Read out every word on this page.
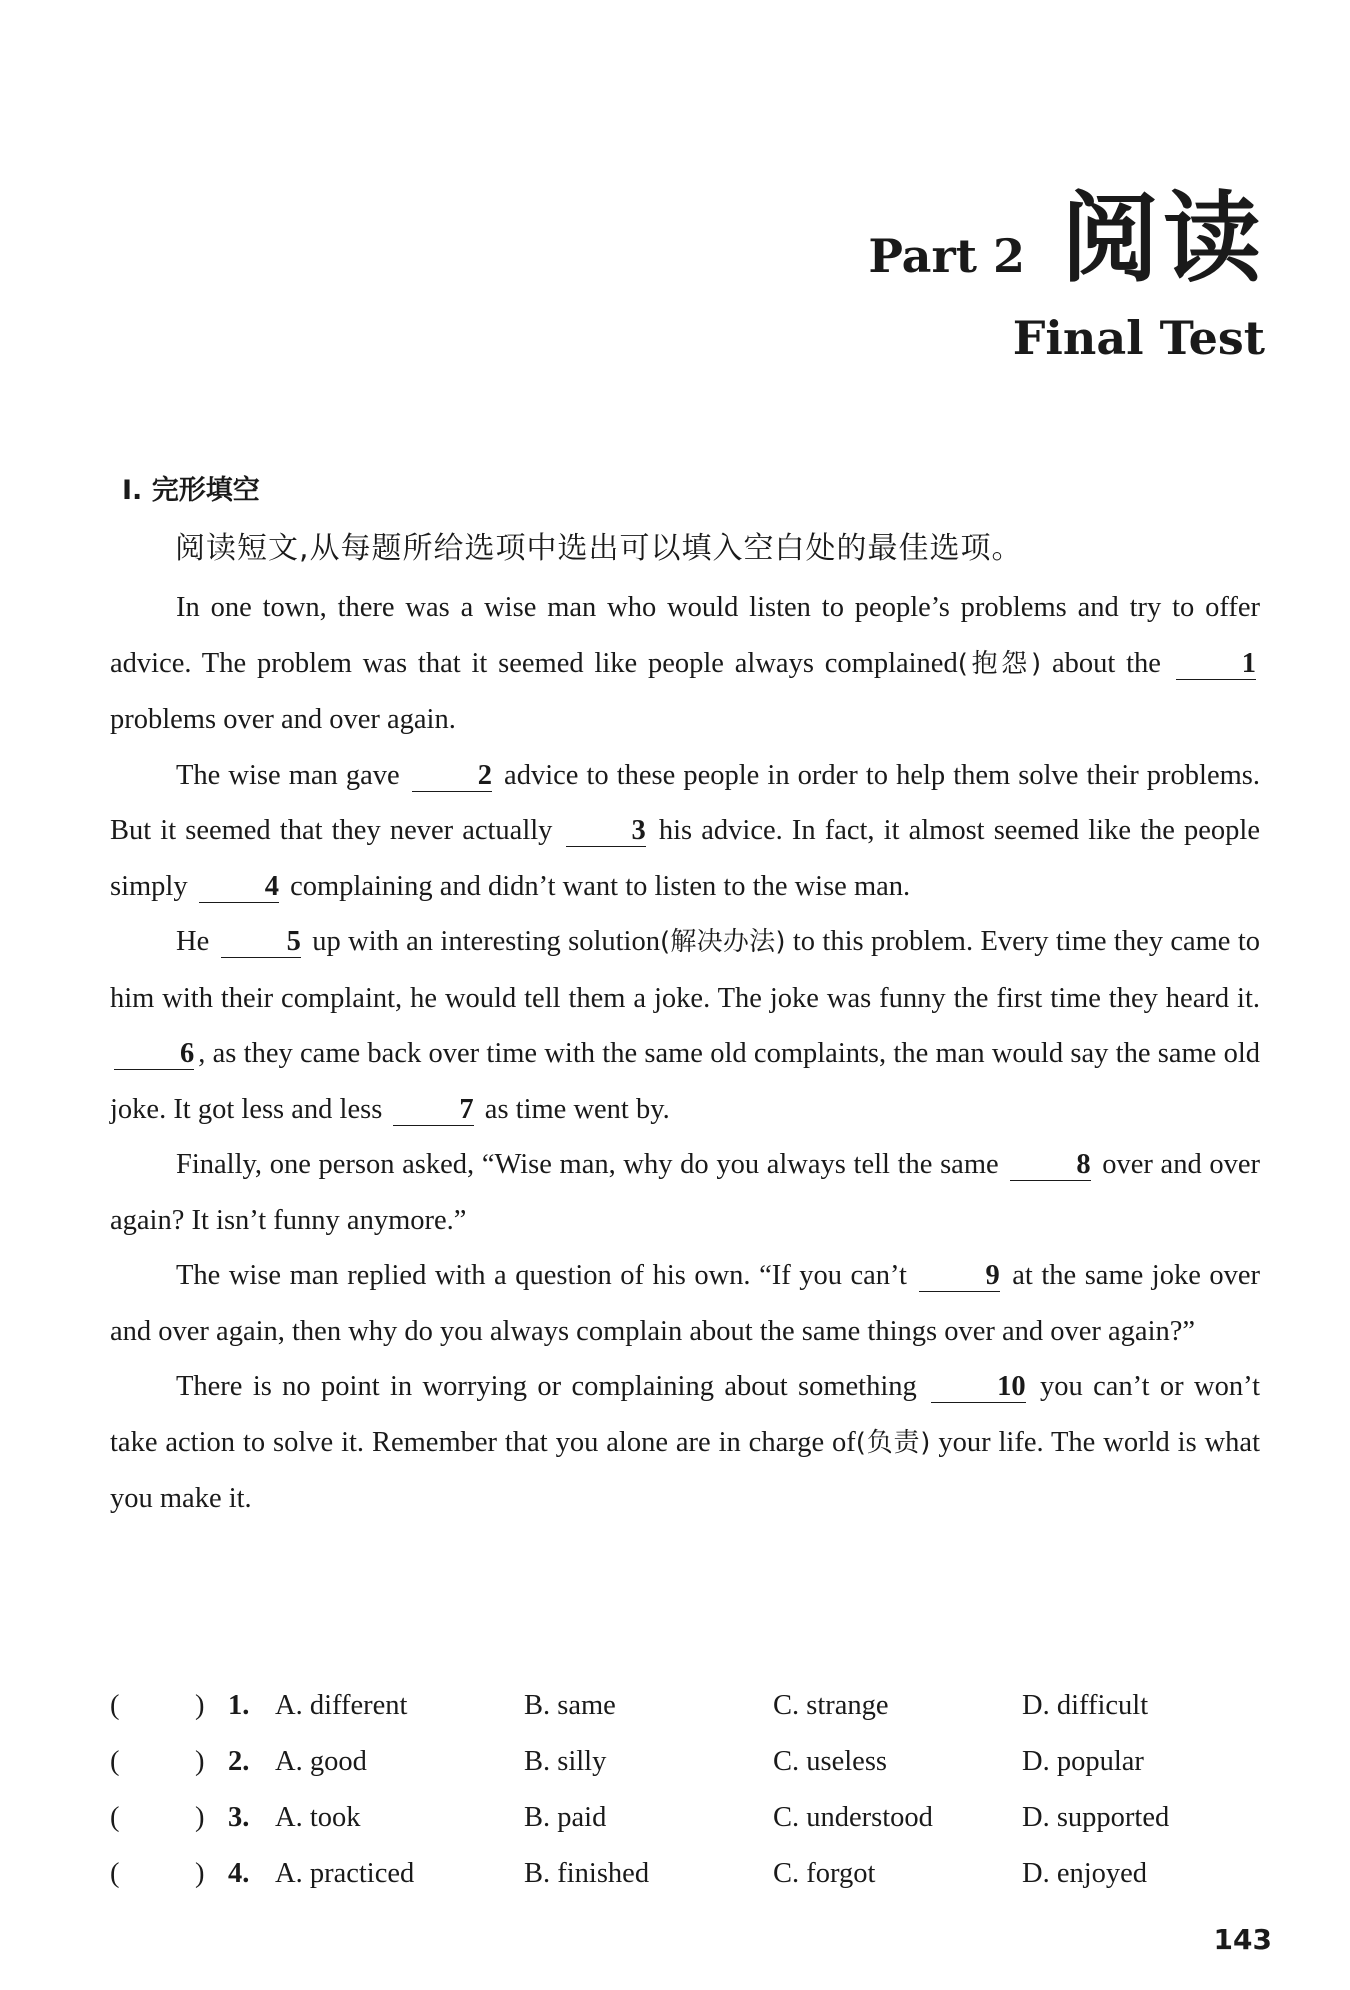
Part 2 阅读
Final Test
Ⅰ. 完形填空
阅读短文,从每题所给选项中选出可以填入空白处的最佳选项。

In one town, there was a wise man who would listen to people’s problems and try to offer advice. The problem was that it seemed like people always complained(抱怨) about the	1 problems over and over again.

The wise man gave	2 advice to these people in order to help them solve their problems. But it seemed that they never actually	3 his advice. In fact, it almost seemed like the people simply	4 complaining and didn’t want to listen to the wise man.

He	5 up with an interesting solution(解决办法) to this problem. Every time they came to him with their complaint, he would tell them a joke. The joke was funny the first time they heard it. 6 , as they came back over time with the same old complaints, the man would say the same old joke. It got less and less	7 as time went by.

Finally, one person asked, “Wise man, why do you always tell the same	8 over and over again? It isn’t funny anymore.”

The wise man replied with a question of his own. “If you can’t	9 at the same joke over and over again, then why do you always complain about the same things over and over again?”

There is no point in worrying or complaining about something	10 you can’t or won’t take action to solve it. Remember that you alone are in charge of(负责) your life. The world is what you make it.

(	) 1. A. different	B. same	C. strange	D. difficult
(	) 2. A. good	B. silly	C. useless	D. popular
(	) 3. A. took	B. paid	C. understood	D. supported
(	) 4. A. practiced	B. finished	C. forgot	D. enjoyed
143
